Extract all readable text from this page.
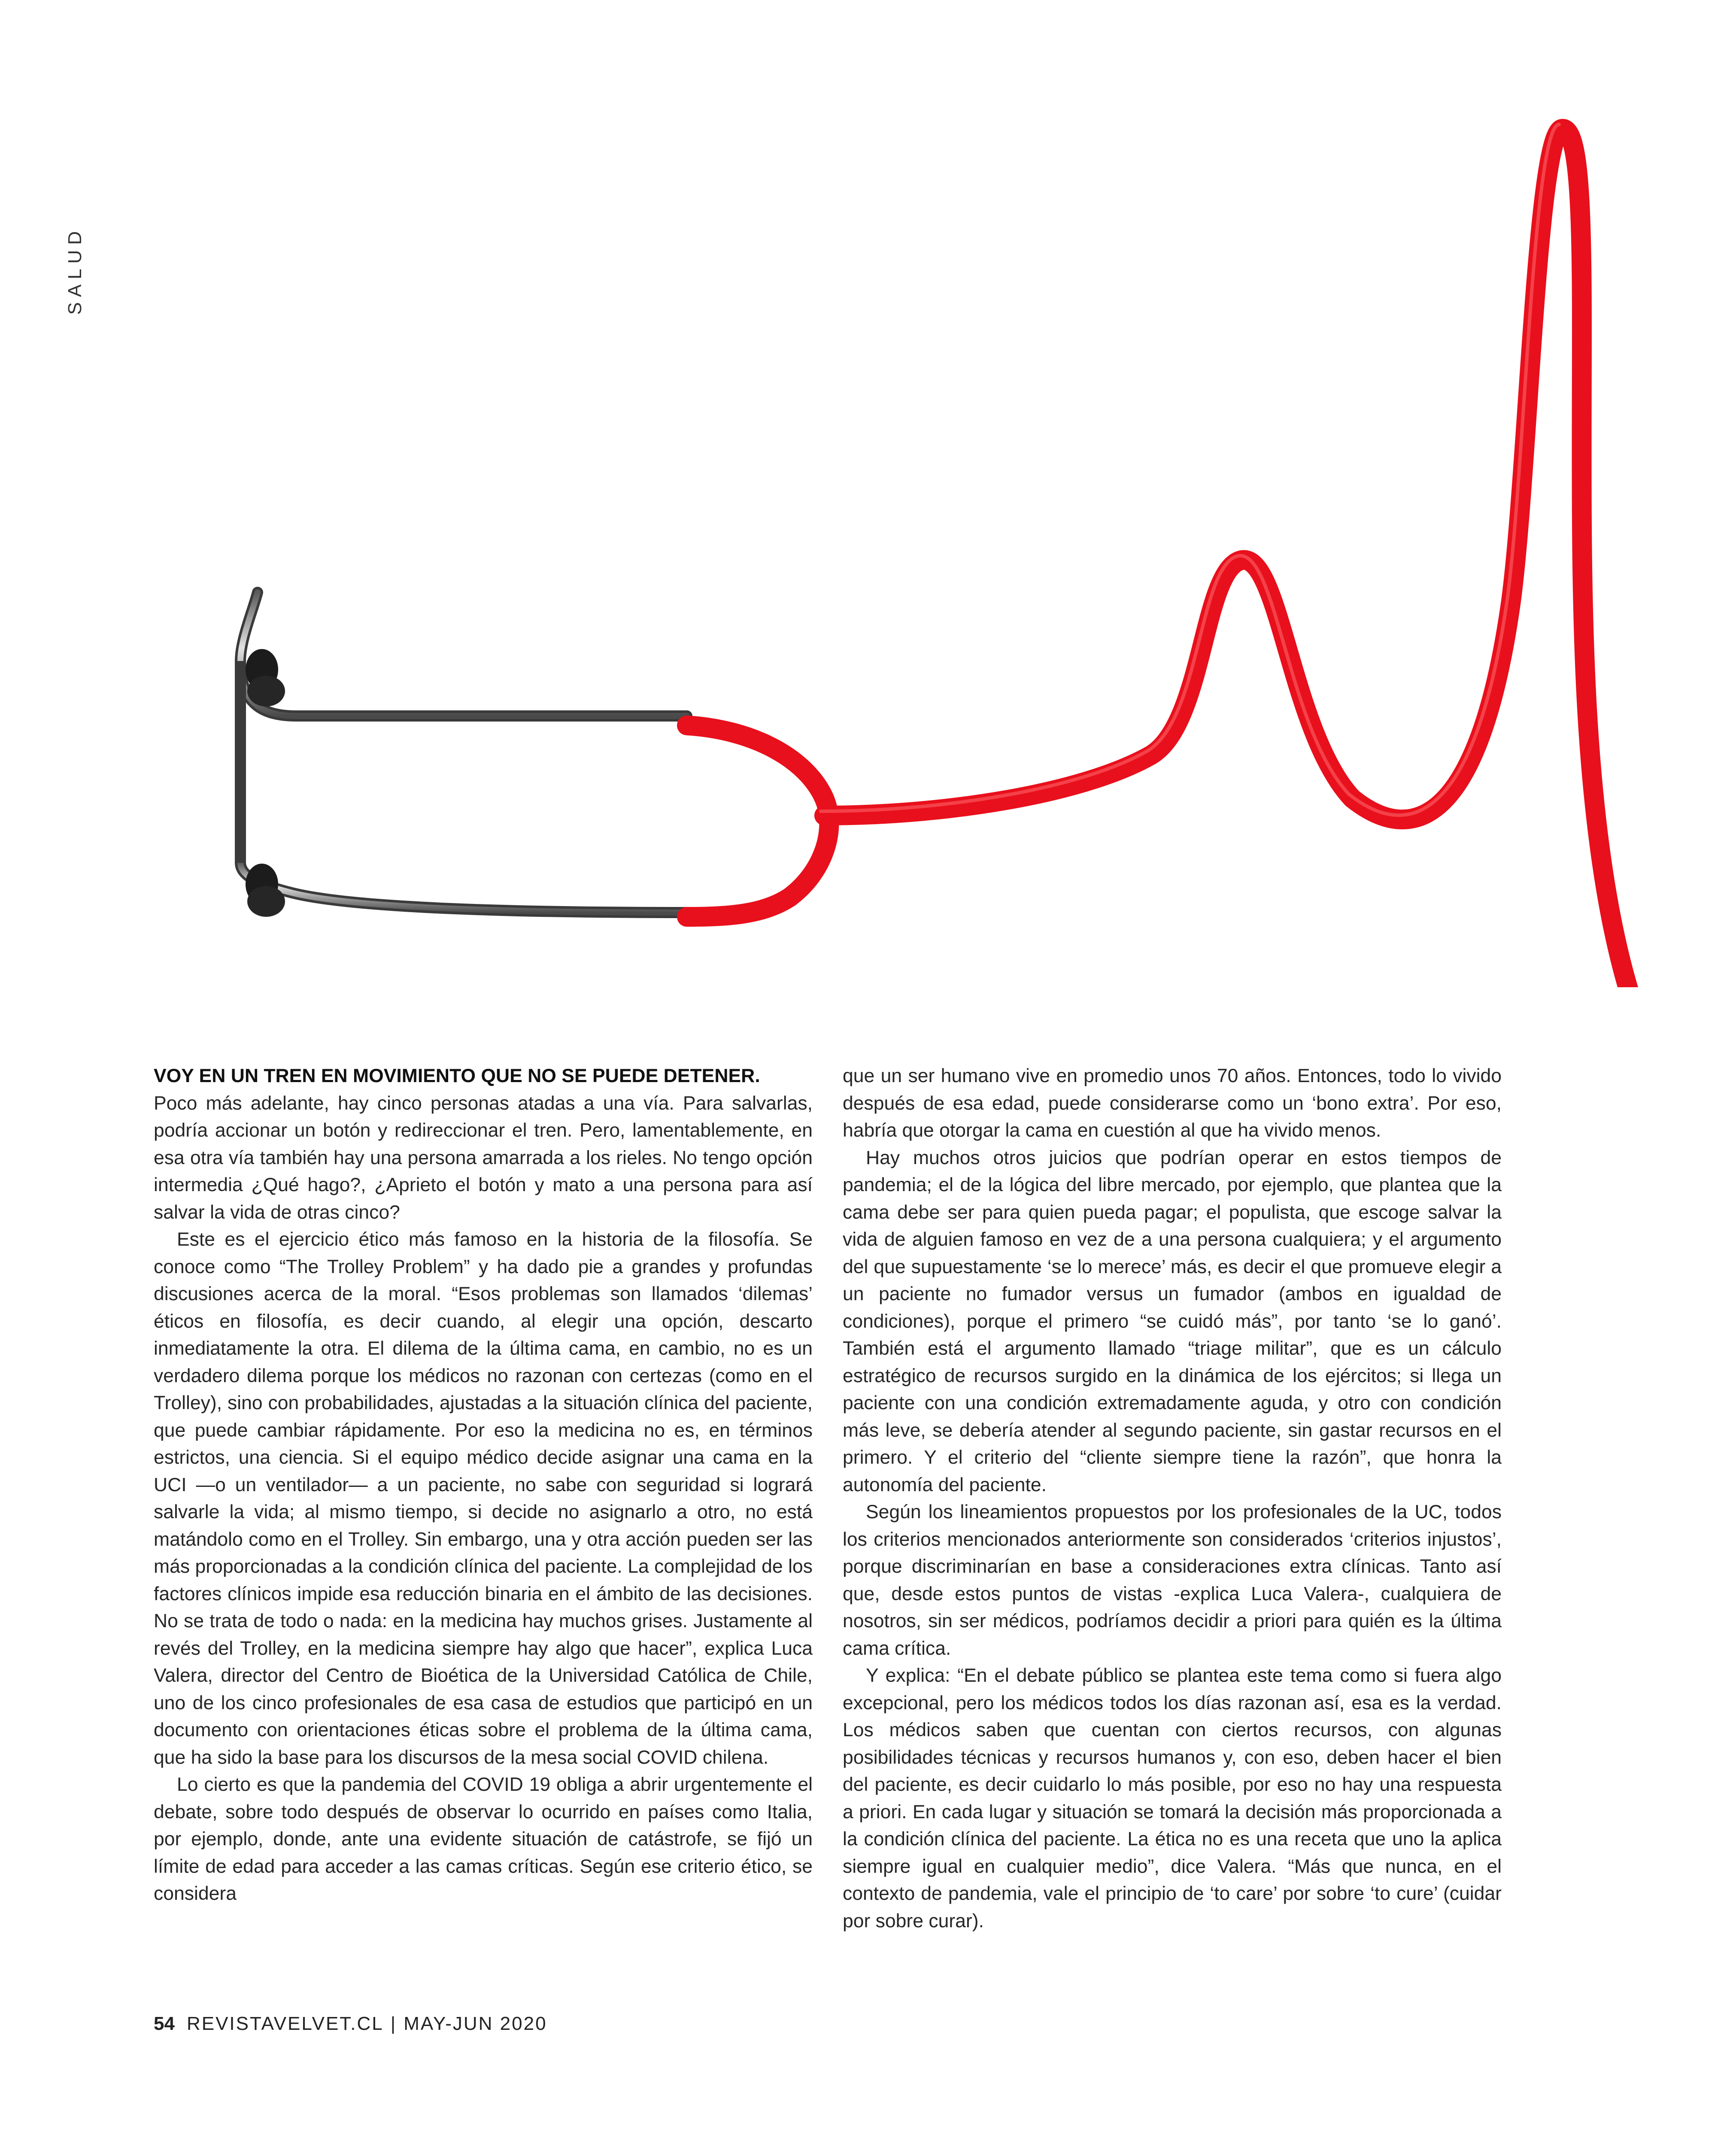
SALUD

VOY EN UN TREN EN MOVIMIENTO QUE NO SE PUEDE DETENER.

Poco más adelante, hay cinco personas atadas a una vía. Para salvarlas, podría accionar un botón y redireccionar el tren. Pero, lamentablemente, en esa otra vía también hay una persona amarrada a los rieles. No tengo opción intermedia ¿Qué hago?, ¿Aprieto el botón y mato a una persona para así salvar la vida de otras cinco?

Este es el ejercicio ético más famoso en la historia de la filosofía. Se conoce como “The Trolley Problem” y ha dado pie a grandes y profundas discusiones acerca de la moral. “Esos problemas son llamados ‘dilemas’ éticos en filosofía, es decir cuando, al elegir una opción, descarto inmediatamente la otra. El dilema de la última cama, en cambio, no es un verdadero dilema porque los médicos no razonan con certezas (como en el Trolley), sino con probabilidades, ajustadas a la situación clínica del paciente, que puede cambiar rápidamente. Por eso la medicina no es, en términos estrictos, una ciencia. Si el equipo médico decide asignar una cama en la UCI —o un ventilador— a un paciente, no sabe con seguridad si logrará salvarle la vida; al mismo tiempo, si decide no asignarlo a otro, no está matándolo como en el Trolley. Sin embargo, una y otra acción pueden ser las más proporcionadas a la condición clínica del paciente. La complejidad de los factores clínicos impide esa reducción binaria en el ámbito de las decisiones. No se trata de todo o nada: en la medicina hay muchos grises. Justamente al revés del Trolley, en la medicina siempre hay algo que hacer”, explica Luca Valera, director del Centro de Bioética de la Universidad Católica de Chile, uno de los cinco profesionales de esa casa de estudios que participó en un documento con orientaciones éticas sobre el problema de la última cama, que ha sido la base para los discursos de la mesa social COVID chilena.

Lo cierto es que la pandemia del COVID 19 obliga a abrir urgentemente el debate, sobre todo después de observar lo ocurrido en países como Italia, por ejemplo, donde, ante una evidente situación de catástrofe, se fijó un límite de edad para acceder a las camas críticas. Según ese criterio ético, se considera

que un ser humano vive en promedio unos 70 años. Entonces, todo lo vivido después de esa edad, puede considerarse como un ‘bono extra’. Por eso, habría que otorgar la cama en cuestión al que ha vivido menos.

Hay muchos otros juicios que podrían operar en estos tiempos de pandemia; el de la lógica del libre mercado, por ejemplo, que plantea que la cama debe ser para quien pueda pagar; el populista, que escoge salvar la vida de alguien famoso en vez de a una persona cualquiera; y el argumento del que supuestamente ‘se lo merece’ más, es decir el que promueve elegir a un paciente no fumador versus un fumador (ambos en igualdad de condiciones), porque el primero “se cuidó más”, por tanto ‘se lo ganó’. También está el argumento llamado “triage militar”, que es un cálculo estratégico de recursos surgido en la dinámica de los ejércitos; si llega un paciente con una condición extremadamente aguda, y otro con condición más leve, se debería atender al segundo paciente, sin gastar recursos en el primero. Y el criterio del “cliente siempre tiene la razón”, que honra la autonomía del paciente.

Según los lineamientos propuestos por los profesionales de la UC, todos los criterios mencionados anteriormente son considerados ‘criterios injustos’, porque discriminarían en base a consideraciones extra clínicas. Tanto así que, desde estos puntos de vistas -explica Luca Valera-, cualquiera de nosotros, sin ser médicos, podríamos decidir a priori para quién es la última cama crítica.

Y explica: “En el debate público se plantea este tema como si fuera algo excepcional, pero los médicos todos los días razonan así, esa es la verdad. Los médicos saben que cuentan con ciertos recursos, con algunas posibilidades técnicas y recursos humanos y, con eso, deben hacer el bien del paciente, es decir cuidarlo lo más posible, por eso no hay una respuesta a priori. En cada lugar y situación se tomará la decisión más proporcionada a la condición clínica del paciente. La ética no es una receta que uno la aplica siempre igual en cualquier medio”, dice Valera. “Más que nunca, en el contexto de pandemia, vale el principio de ‘to care’ por sobre ‘to cure’ (cuidar por sobre curar).

54 REVISTAVELVET.CL | MAY-JUN 2020
